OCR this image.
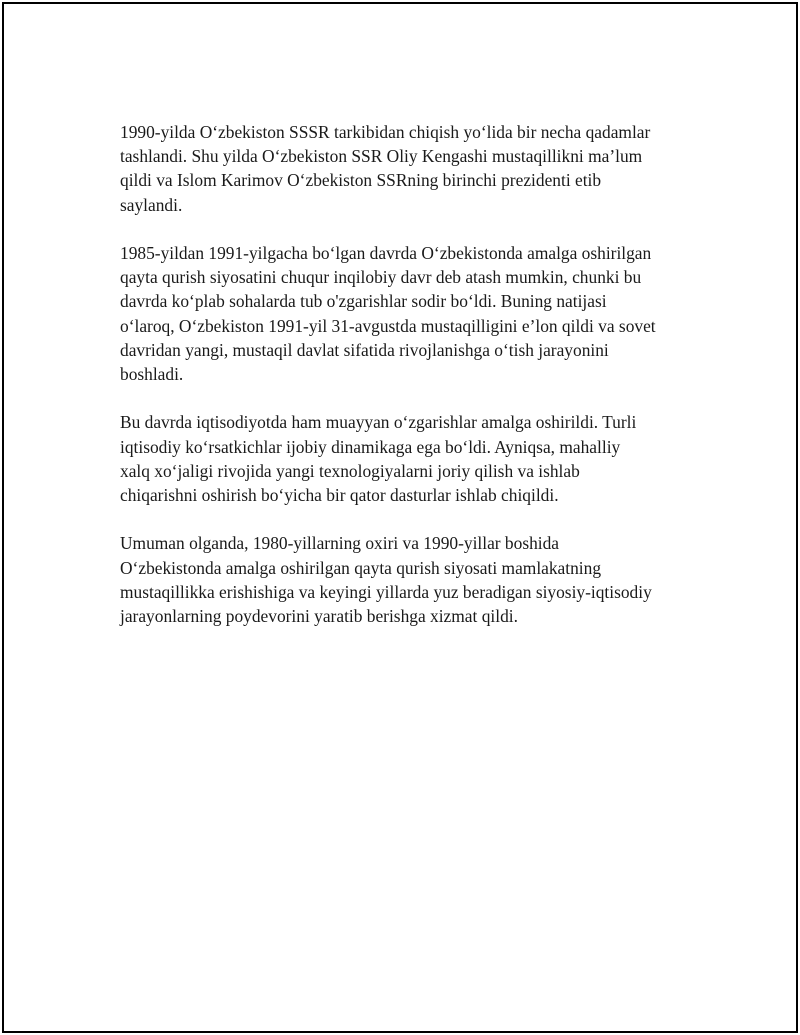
1990-yilda O‘zbekiston SSSR tarkibidan chiqish yo‘lida bir necha qadamlar
tashlandi. Shu yilda O‘zbekiston SSR Oliy Kengashi mustaqillikni ma’lum
qildi va Islom Karimov O‘zbekiston SSRning birinchi prezidenti etib
saylandi.

1985-yildan 1991-yilgacha bo‘lgan davrda O‘zbekistonda amalga oshirilgan
qayta qurish siyosatini chuqur inqilobiy davr deb atash mumkin, chunki bu
davrda ko‘plab sohalarda tub o'zgarishlar sodir bo‘ldi. Buning natijasi
o‘laroq, O‘zbekiston 1991-yil 31-avgustda mustaqilligini e’lon qildi va sovet
davridan yangi, mustaqil davlat sifatida rivojlanishga o‘tish jarayonini
boshladi.

Bu davrda iqtisodiyotda ham muayyan o‘zgarishlar amalga oshirildi. Turli
iqtisodiy ko‘rsatkichlar ijobiy dinamikaga ega bo‘ldi. Ayniqsa, mahalliy
xalq xo‘jaligi rivojida yangi texnologiyalarni joriy qilish va ishlab
chiqarishni oshirish bo‘yicha bir qator dasturlar ishlab chiqildi.

Umuman olganda, 1980-yillarning oxiri va 1990-yillar boshida
O‘zbekistonda amalga oshirilgan qayta qurish siyosati mamlakatning
mustaqillikka erishishiga va keyingi yillarda yuz beradigan siyosiy-iqtisodiy
jarayonlarning poydevorini yaratib berishga xizmat qildi.
